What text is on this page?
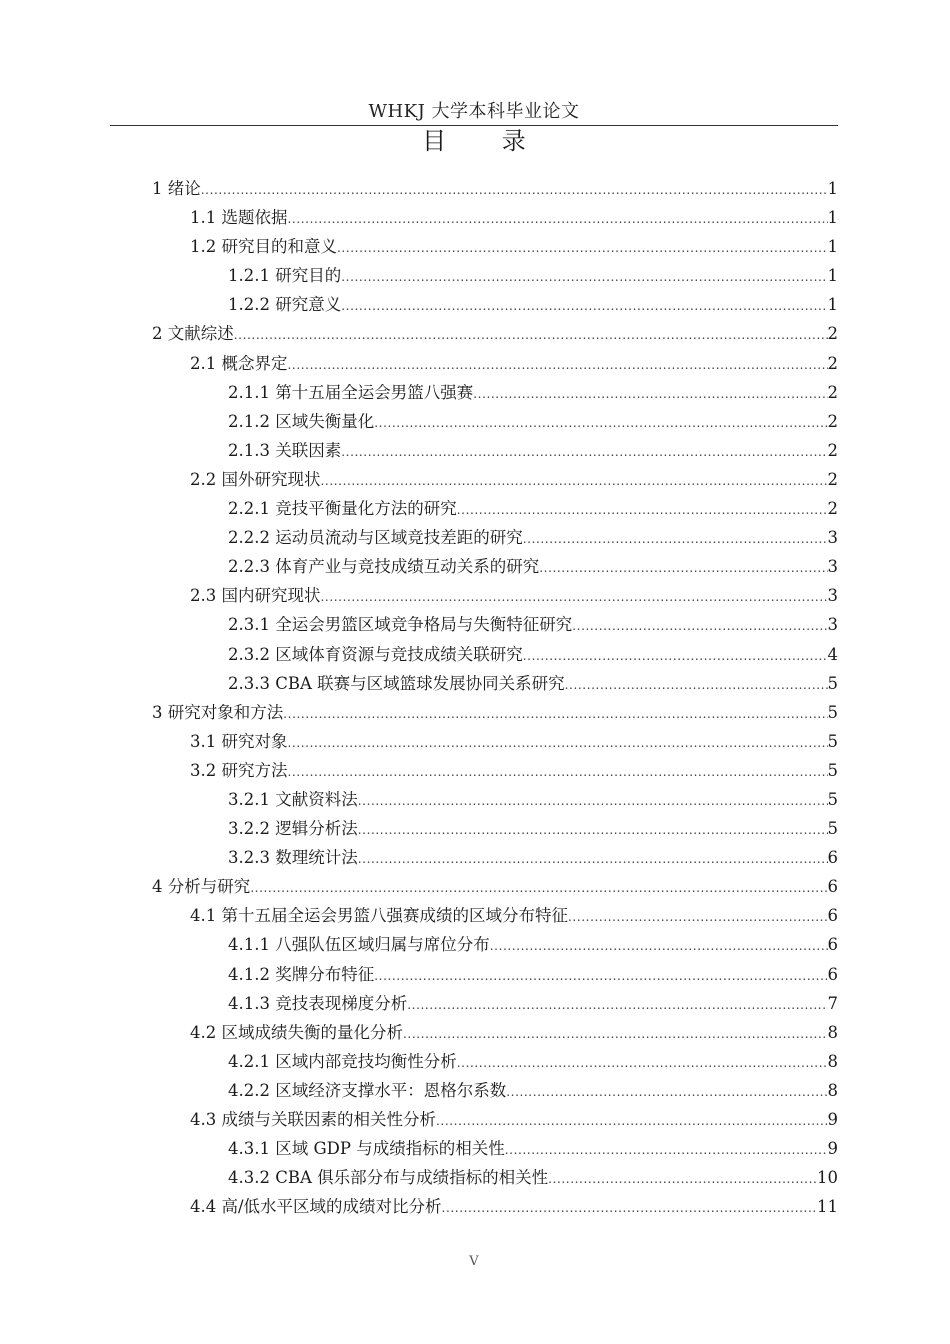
WHKJ 大学本科毕业论文
目 录
1 绪论 .....	1
1.1 选题依据 .....	1
1.2 研究目的和意义 .....	1
1.2.1 研究目的 .....	1
1.2.2 研究意义 .....	1
2 文献综述 .....	2
2.1 概念界定 .....	2
2.1.1 第十五届全运会男篮八强赛 .....	2
2.1.2 区域失衡量化 .....	2
2.1.3 关联因素 .....	2
2.2 国外研究现状 .....	2
2.2.1 竞技平衡量化方法的研究 .....	2
2.2.2 运动员流动与区域竞技差距的研究 .....	3
2.2.3 体育产业与竞技成绩互动关系的研究 .....	3
2.3 国内研究现状 .....	3
2.3.1 全运会男篮区域竞争格局与失衡特征研究 .....	3
2.3.2 区域体育资源与竞技成绩关联研究 .....	4
2.3.3 CBA 联赛与区域篮球发展协同关系研究 .....	5
3 研究对象和方法 .....	5
3.1 研究对象 .....	5
3.2 研究方法 .....	5
3.2.1 文献资料法 .....	5
3.2.2 逻辑分析法 .....	5
3.2.3 数理统计法 .....	6
4 分析与研究 .....	6
4.1 第十五届全运会男篮八强赛成绩的区域分布特征 .....	6
4.1.1 八强队伍区域归属与席位分布 .....	6
4.1.2 奖牌分布特征 .....	6
4.1.3 竞技表现梯度分析 .....	7
4.2 区域成绩失衡的量化分析 .....	8
4.2.1 区域内部竞技均衡性分析 .....	8
4.2.2 区域经济支撑水平：恩格尔系数 .....	8
4.3 成绩与关联因素的相关性分析 .....	9
4.3.1 区域 GDP 与成绩指标的相关性 .....	9
4.3.2 CBA 俱乐部分布与成绩指标的相关性 .....	10
4.4 高/低水平区域的成绩对比分析 .....	11
V
